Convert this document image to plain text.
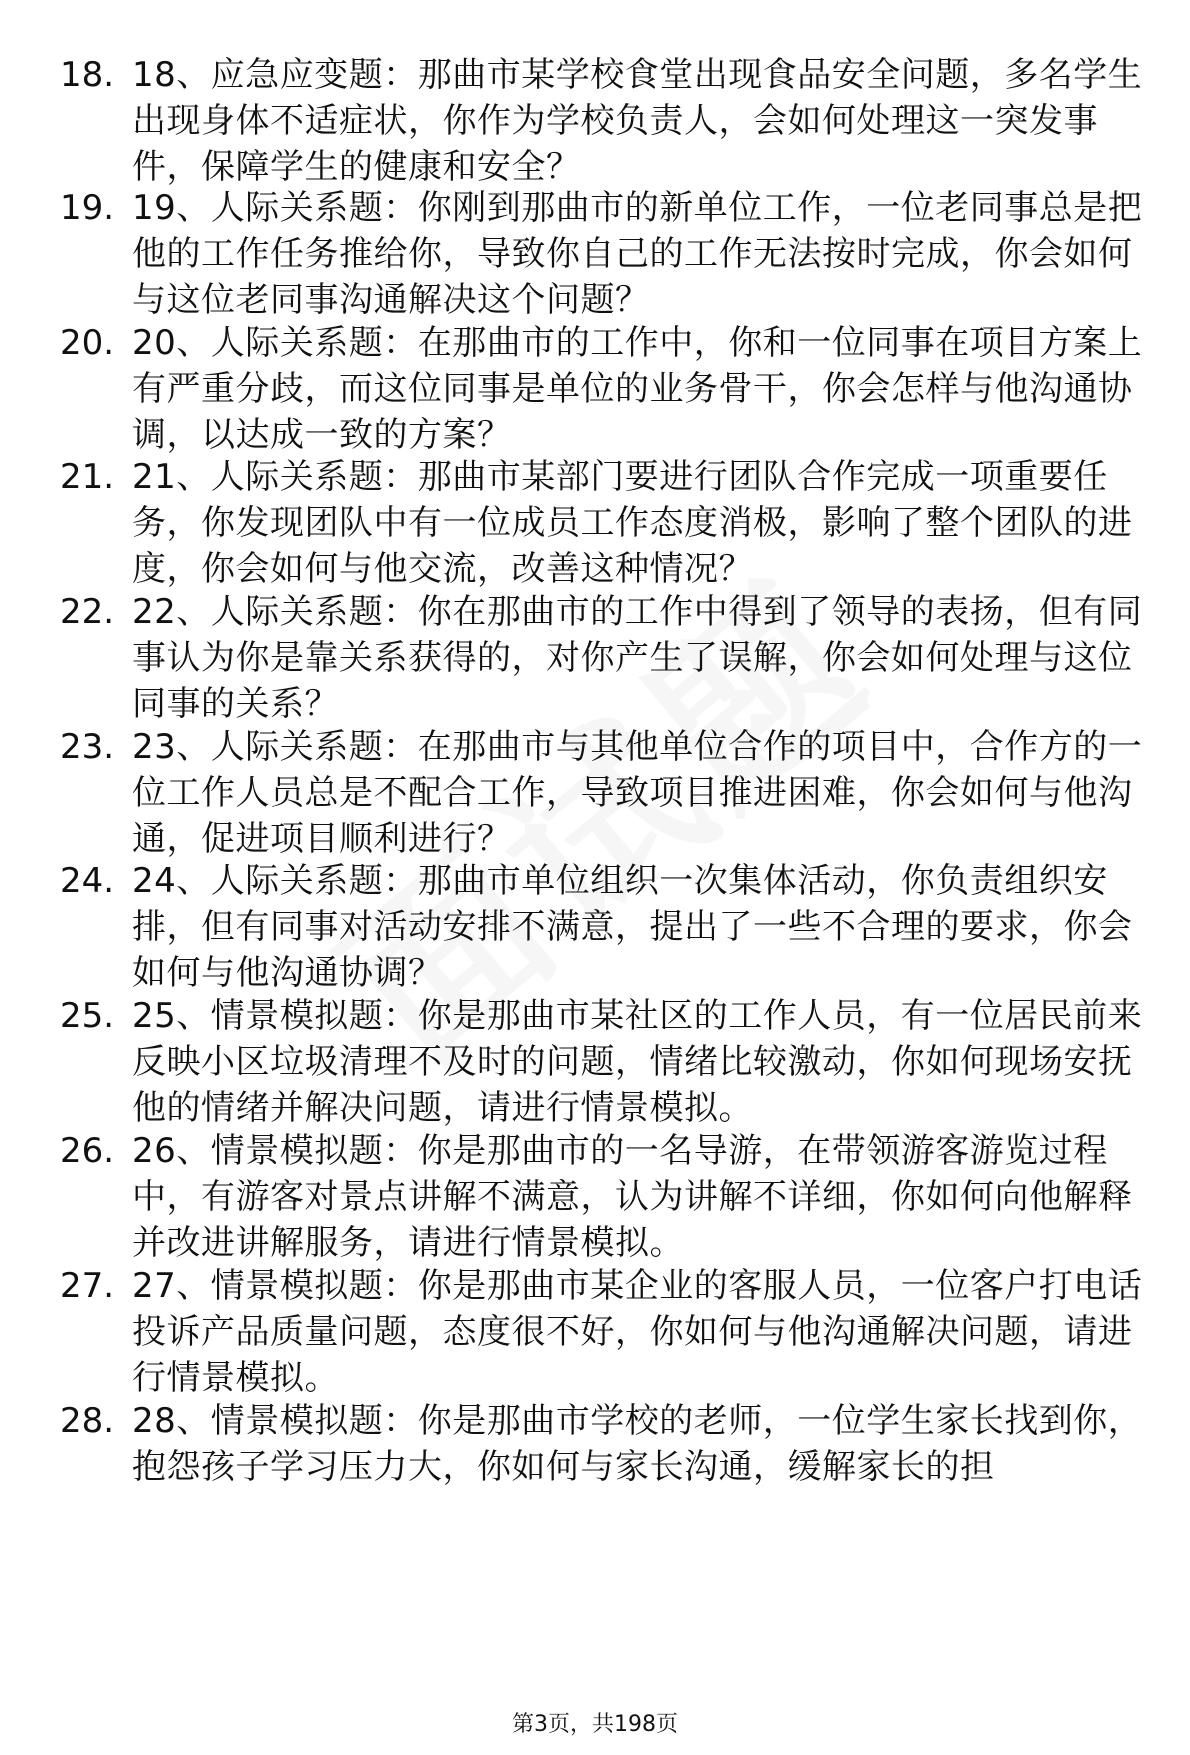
18. 18、应急应变题：那曲市某学校食堂出现食品安全问题，多名学生出现身体不适症状，你作为学校负责人，会如何处理这一突发事件，保障学生的健康和安全？
19. 19、人际关系题：你刚到那曲市的新单位工作，一位老同事总是把他的工作任务推给你，导致你自己的工作无法按时完成，你会如何与这位老同事沟通解决这个问题？
20. 20、人际关系题：在那曲市的工作中，你和一位同事在项目方案上有严重分歧，而这位同事是单位的业务骨干，你会怎样与他沟通协调，以达成一致的方案？
21. 21、人际关系题：那曲市某部门要进行团队合作完成一项重要任务，你发现团队中有一位成员工作态度消极，影响了整个团队的进度，你会如何与他交流，改善这种情况？
22. 22、人际关系题：你在那曲市的工作中得到了领导的表扬，但有同事认为你是靠关系获得的，对你产生了误解，你会如何处理与这位同事的关系？
23. 23、人际关系题：在那曲市与其他单位合作的项目中，合作方的一位工作人员总是不配合工作，导致项目推进困难，你会如何与他沟通，促进项目顺利进行？
24. 24、人际关系题：那曲市单位组织一次集体活动，你负责组织安排，但有同事对活动安排不满意，提出了一些不合理的要求，你会如何与他沟通协调？
25. 25、情景模拟题：你是那曲市某社区的工作人员，有一位居民前来反映小区垃圾清理不及时的问题，情绪比较激动，你如何现场安抚他的情绪并解决问题，请进行情景模拟。
26. 26、情景模拟题：你是那曲市的一名导游，在带领游客游览过程中，有游客对景点讲解不满意，认为讲解不详细，你如何向他解释并改进讲解服务，请进行情景模拟。
27. 27、情景模拟题：你是那曲市某企业的客服人员，一位客户打电话投诉产品质量问题，态度很不好，你如何与他沟通解决问题，请进行情景模拟。
28. 28、情景模拟题：你是那曲市学校的老师，一位学生家长找到你，抱怨孩子学习压力大，你如何与家长沟通，缓解家长的担
第3页，共198页
